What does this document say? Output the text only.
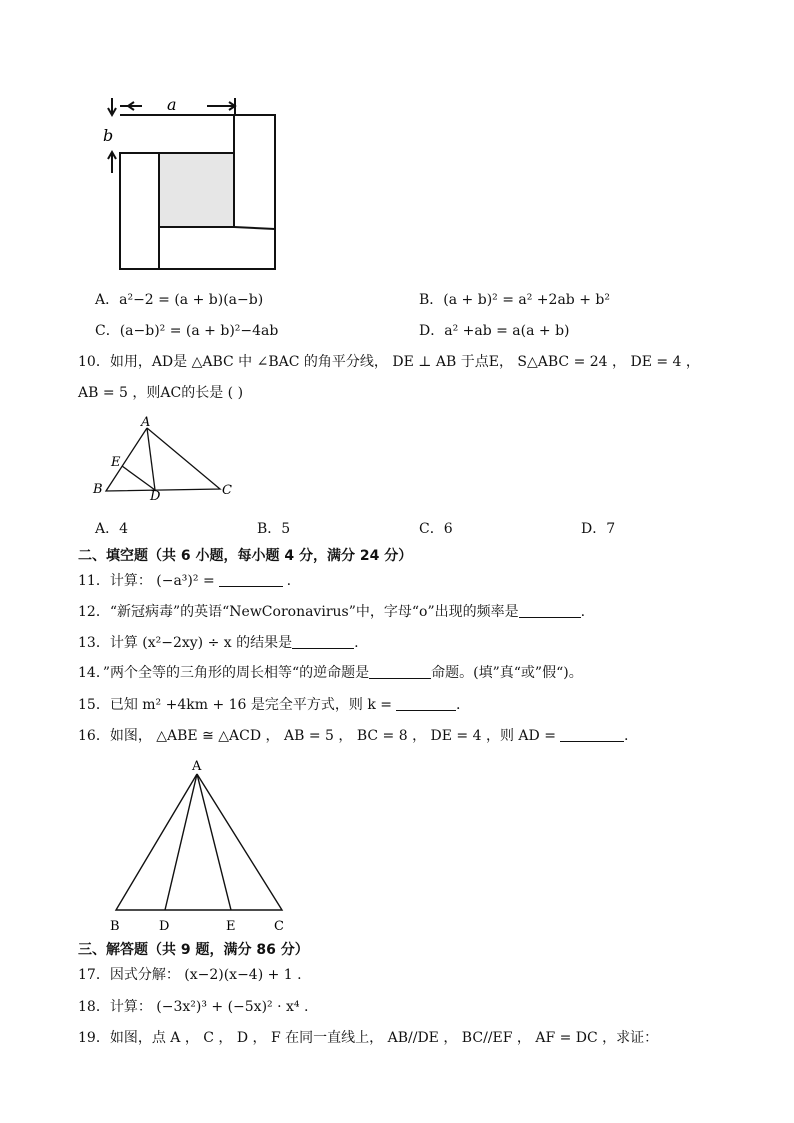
a
b
A．a²−2 = (a + b)(a−b)	B．(a + b)² = a² +2ab + b²
C．(a−b)² = (a + b)²−4ab	D．a² +ab = a(a + b)
10．如用，AD是 △ABC 中 ∠BAC 的角平分线， DE ⊥ AB 于点E， S△ABC = 24 ， DE = 4 ，
AB = 5 ，则AC的长是 ( )
A
E
B	D	C
A．4	B．5	C．6	D．7
二、填空题（共 6 小题，每小题 4 分，满分 24 分）
11．计算： (−a³)² =	.
12．“新冠病毒”的英语“NewCoronavirus”中，字母“o”出现的频率是	.
13．计算 (x²−2xy) ÷ x 的结果是	.
14．”两个全等的三角形的周长相等“的逆命题是	命题。(填”真“或”假“)。
15．已知 m² +4km + 16 是完全平方式，则 k =	.
16．如图， △ABE ≅ △ACD ， AB = 5 ， BC = 8 ， DE = 4 ，则 AD =	.
A
B	D	E	C
三、解答题（共 9 题，满分 86 分）
17．因式分解： (x−2)(x−4) + 1 .
18．计算： (−3x²)³ + (−5x)² · x⁴ .
19．如图，点 A ， C ， D ， F 在同一直线上， AB//DE ， BC//EF ， AF = DC ，求证：
